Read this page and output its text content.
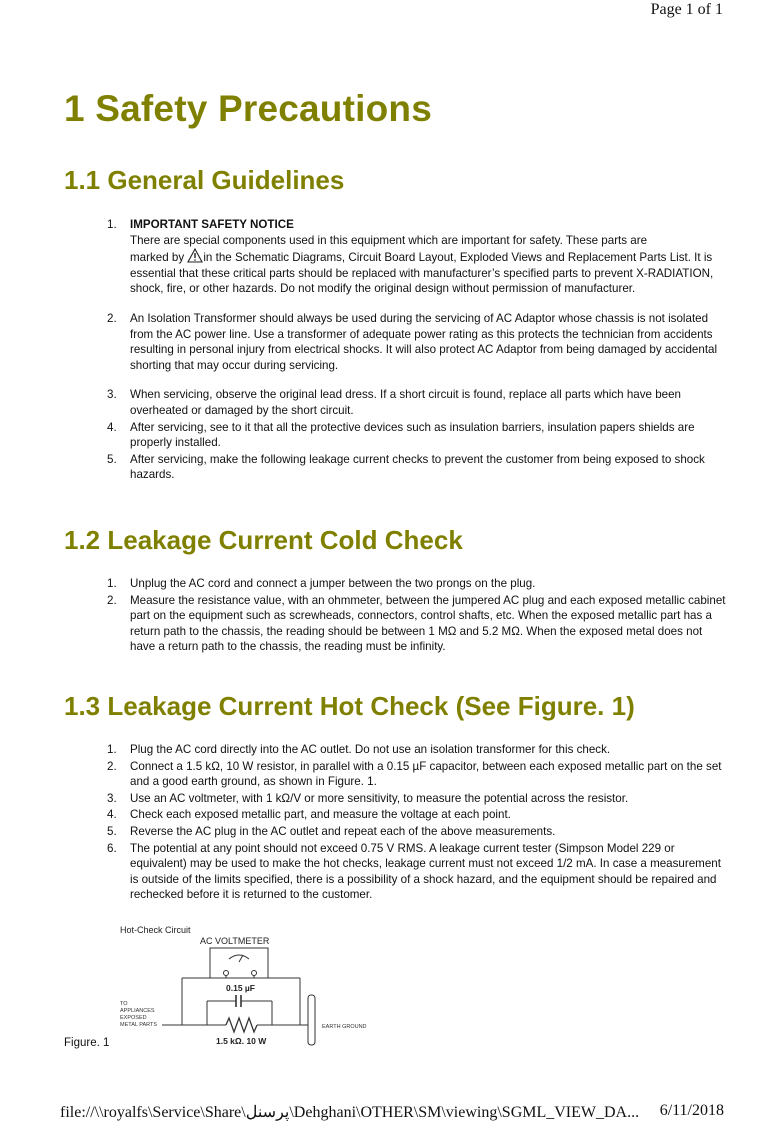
Page 1 of 1
1 Safety Precautions
1.1 General Guidelines
1. IMPORTANT SAFETY NOTICE
There are special components used in this equipment which are important for safety. These parts are
marked by in the Schematic Diagrams, Circuit Board Layout, Exploded Views and Replacement Parts List. It is essential that these critical parts should be replaced with manufacturer’s specified parts to prevent X-RADIATION, shock, fire, or other hazards. Do not modify the original design without permission of manufacturer.
2. An Isolation Transformer should always be used during the servicing of AC Adaptor whose chassis is not isolated from the AC power line. Use a transformer of adequate power rating as this protects the technician from accidents resulting in personal injury from electrical shocks. It will also protect AC Adaptor from being damaged by accidental shorting that may occur during servicing.
3. When servicing, observe the original lead dress. If a short circuit is found, replace all parts which have been overheated or damaged by the short circuit.
4. After servicing, see to it that all the protective devices such as insulation barriers, insulation papers shields are properly installed.
5. After servicing, make the following leakage current checks to prevent the customer from being exposed to shock hazards.
1.2 Leakage Current Cold Check
1. Unplug the AC cord and connect a jumper between the two prongs on the plug.
2. Measure the resistance value, with an ohmmeter, between the jumpered AC plug and each exposed metallic cabinet part on the equipment such as screwheads, connectors, control shafts, etc. When the exposed metallic part has a return path to the chassis, the reading should be between 1 MΩ and 5.2 MΩ. When the exposed metal does not have a return path to the chassis, the reading must be infinity.
1.3 Leakage Current Hot Check (See Figure. 1)
1. Plug the AC cord directly into the AC outlet. Do not use an isolation transformer for this check.
2. Connect a 1.5 kΩ, 10 W resistor, in parallel with a 0.15 µF capacitor, between each exposed metallic part on the set and a good earth ground, as shown in Figure. 1.
3. Use an AC voltmeter, with 1 kΩ/V or more sensitivity, to measure the potential across the resistor.
4. Check each exposed metallic part, and measure the voltage at each point.
5. Reverse the AC plug in the AC outlet and repeat each of the above measurements.
6. The potential at any point should not exceed 0.75 V RMS. A leakage current tester (Simpson Model 229 or equivalent) may be used to make the hot checks, leakage current must not exceed 1/2 mA. In case a measurement is outside of the limits specified, there is a possibility of a shock hazard, and the equipment should be repaired and rechecked before it is returned to the customer.
Hot-Check Circuit
AC VOLTMETER
0.15 µF
EARTH GROUND
TO
APPLIANCES
EXPOSED
METAL PARTS
1.5 kΩ. 10 W
Figure. 1
file://\\royalfs\Service\Share\پرسنل\Dehghani\OTHER\SM\viewing\SGML_VIEW_DA... 6/11/2018
